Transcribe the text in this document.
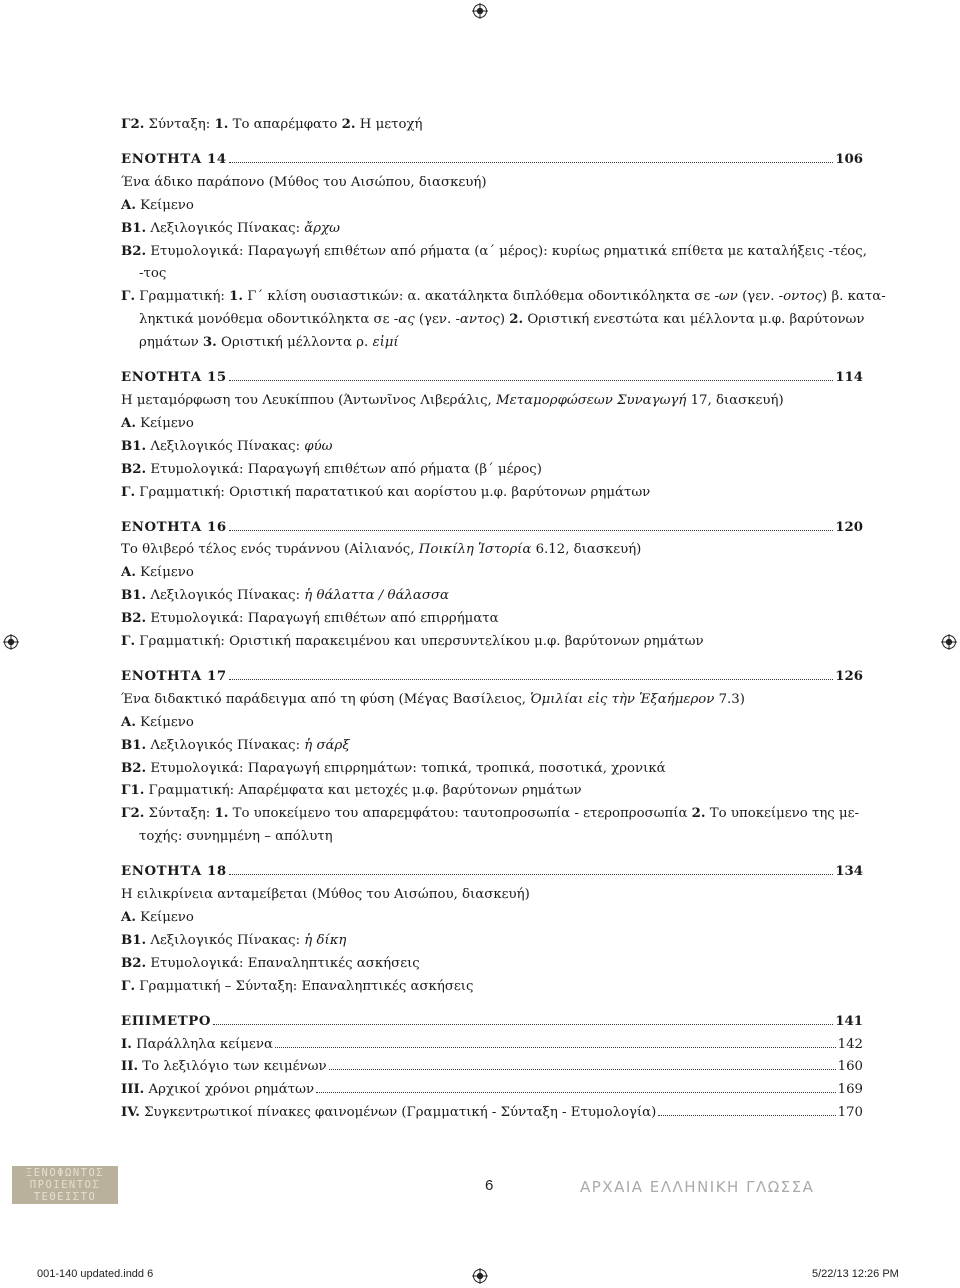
Γ2. Σύνταξη: 1. Το απαρέμφατο 2. Η μετοχή
ΕΝΟΤΗΤΑ 14	106
Ένα άδικο παράπονο (Μύθος του Αισώπου, διασκευή)
Α. Κείμενο
Β1. Λεξιλογικός Πίνακας: ἄρχω
Β2. Ετυμολογικά: Παραγωγή επιθέτων από ρήματα (α΄ μέρος): κυρίως ρηματικά επίθετα με καταλήξεις -τέος,
-τος
Γ. Γραμματική: 1. Γ΄ κλίση ουσιαστικών: α. ακατάληκτα διπλόθεμα οδοντικόληκτα σε -ων (γεν. -οντος) β. κατα-
ληκτικά μονόθεμα οδοντικόληκτα σε -ας (γεν. -αντος) 2. Οριστική ενεστώτα και μέλλοντα μ.φ. βαρύτονων
ρημάτων 3. Οριστική μέλλοντα ρ. εἰμί
ΕΝΟΤΗΤΑ 15	114
Η μεταμόρφωση του Λευκίππου (Άντωνῖνος Λιβεράλις, Μεταμορφώσεων Συναγωγή 17, διασκευή)
Α. Κείμενο
Β1. Λεξιλογικός Πίνακας: φύω
Β2. Ετυμολογικά: Παραγωγή επιθέτων από ρήματα (β΄ μέρος)
Γ. Γραμματική: Οριστική παρατατικού και αορίστου μ.φ. βαρύτονων ρημάτων
ΕΝΟΤΗΤΑ 16	120
Το θλιβερό τέλος ενός τυράννου (Αἰλιανός, Ποικίλη Ἱστορία 6.12, διασκευή)
Α. Κείμενο
Β1. Λεξιλογικός Πίνακας: ἡ θάλαττα / θάλασσα
Β2. Ετυμολογικά: Παραγωγή επιθέτων από επιρρήματα
Γ. Γραμματική: Οριστική παρακειμένου και υπερσυντελίκου μ.φ. βαρύτονων ρημάτων
ΕΝΟΤΗΤΑ 17	126
Ένα διδακτικό παράδειγμα από τη φύση (Μέγας Βασίλειος, Ὁμιλίαι εἰς τὴν Ἑξαήμερον 7.3)
Α. Κείμενο
Β1. Λεξιλογικός Πίνακας: ἡ σάρξ
Β2. Ετυμολογικά: Παραγωγή επιρρημάτων: τοπικά, τροπικά, ποσοτικά, χρονικά
Γ1. Γραμματική: Απαρέμφατα και μετοχές μ.φ. βαρύτονων ρημάτων
Γ2. Σύνταξη: 1. Το υποκείμενο του απαρεμφάτου: ταυτοπροσωπία - ετεροπροσωπία 2. Το υποκείμενο της με-
τοχής: συνημμένη – απόλυτη
ΕΝΟΤΗΤΑ 18	134
Η ειλικρίνεια ανταμείβεται (Μύθος του Αισώπου, διασκευή)
Α. Κείμενο
Β1. Λεξιλογικός Πίνακας: ἡ δίκη
Β2. Ετυμολογικά: Επαναληπτικές ασκήσεις
Γ. Γραμματική – Σύνταξη: Επαναληπτικές ασκήσεις
ΕΠΙΜΕΤΡΟ	141
I. Παράλληλα κείμενα	142
II. Το λεξιλόγιο των κειμένων	160
III. Αρχικοί χρόνοι ρημάτων	169
IV. Συγκεντρωτικοί πίνακες φαινομένων (Γραμματική - Σύνταξη - Ετυμολογία)	170
ΞΕΝΟΦΩΝΤΟΣ
ΠΡΟΙΕΝΤΟΣ
ΤΕΘΕΙΣΤΟ
6	ΑΡΧΑΙΑ ΕΛΛΗΝΙΚΗ ΓΛΩΣΣΑ
001-140 updated.indd 6	5/22/13 12:26 PM
